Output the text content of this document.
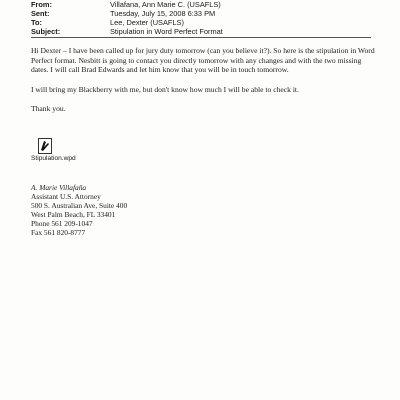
From:	Villafana, Ann Marie C. (USAFLS)
Sent:	Tuesday, July 15, 2008 6:33 PM
To:	Lee, Dexter (USAFLS)
Subject:	Stipulation in Word Perfect Format

Hi Dexter – I have been called up for jury duty tomorrow (can you believe it?). So here is the stipulation in Word Perfect format. Nesbitt is going to contact you directly tomorrow with any changes and with the two missing dates. I will call Brad Edwards and let him know that you will be in touch tomorrow.

I will bring my Blackberry with me, but don't know how much I will be able to check it.

Thank you.

Stipulation.wpd
A. Marie Villafaña
Assistant U.S. Attorney
500 S. Australian Ave, Suite 400
West Palm Beach, FL 33401
Phone 561 209-1047
Fax 561 820-8777
